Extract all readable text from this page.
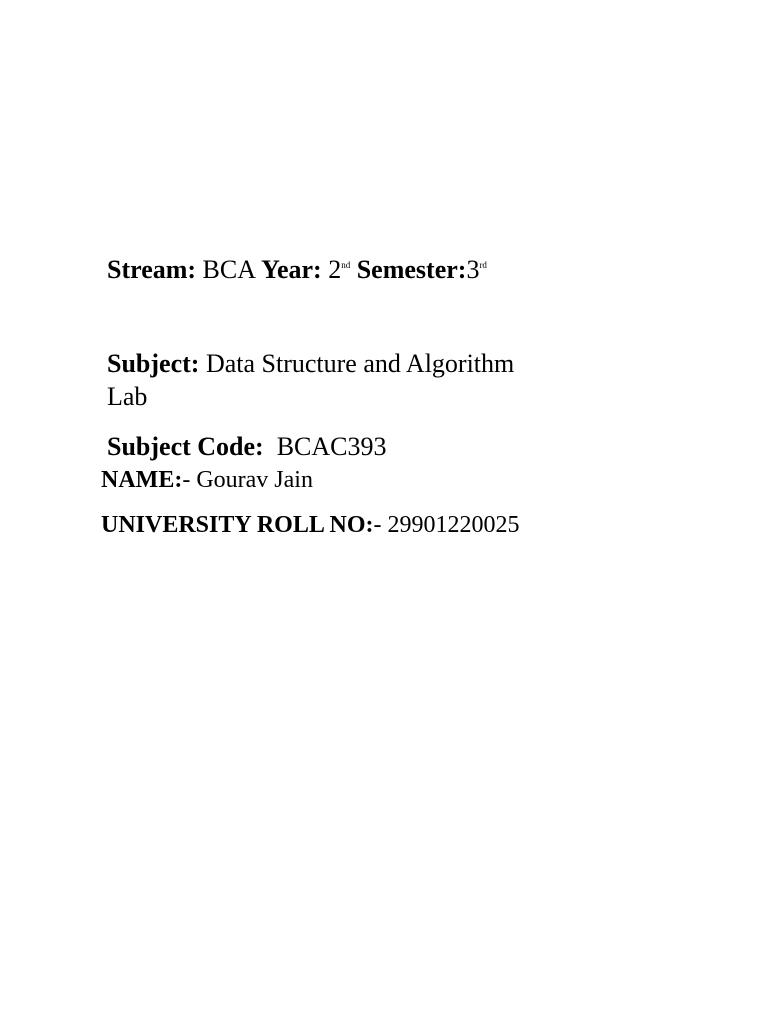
Stream: BCA Year: 2nd Semester:3rd
Subject: Data Structure and Algorithm
Lab
Subject Code:  BCAC393
NAME:- Gourav Jain
UNIVERSITY ROLL NO:- 29901220025
